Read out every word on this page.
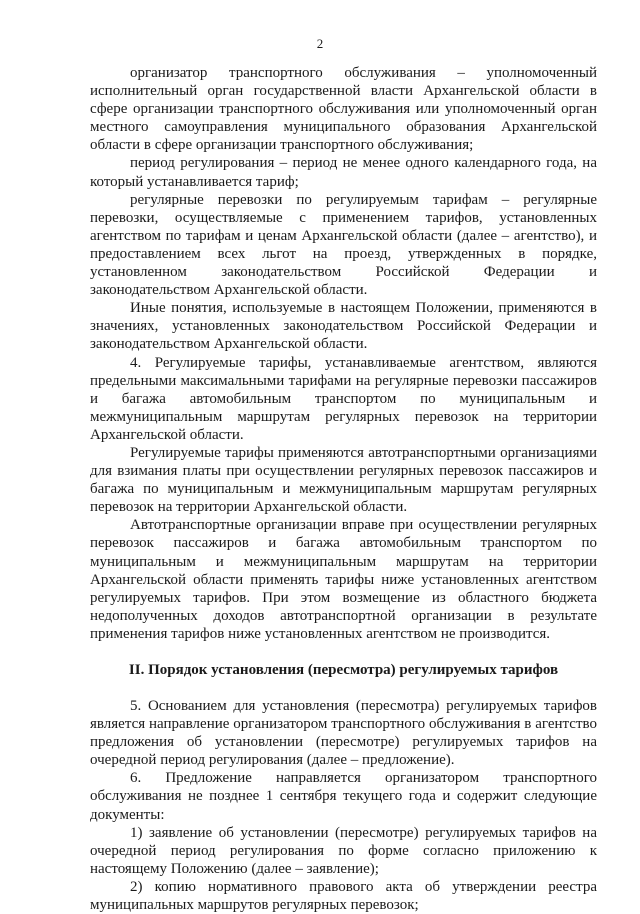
2

организатор транспортного обслуживания – уполномоченный исполнительный орган государственной власти Архангельской области в сфере организации транспортного обслуживания или уполномоченный орган местного самоуправления муниципального образования Архангельской области в сфере организации транспортного обслуживания;

период регулирования – период не менее одного календарного года, на который устанавливается тариф;

регулярные перевозки по регулируемым тарифам – регулярные перевозки, осуществляемые с применением тарифов, установленных агентством по тарифам и ценам Архангельской области (далее – агентство), и предоставлением всех льгот на проезд, утвержденных в порядке, установленном законодательством Российской Федерации и законодательством Архангельской области.

Иные понятия, используемые в настоящем Положении, применяются в значениях, установленных законодательством Российской Федерации и законодательством Архангельской области.

4. Регулируемые тарифы, устанавливаемые агентством, являются предельными максимальными тарифами на регулярные перевозки пассажиров и багажа автомобильным транспортом по муниципальным и межмуниципальным маршрутам регулярных перевозок на территории Архангельской области.

Регулируемые тарифы применяются автотранспортными организациями для взимания платы при осуществлении регулярных перевозок пассажиров и багажа по муниципальным и межмуниципальным маршрутам регулярных перевозок на территории Архангельской области.

Автотранспортные организации вправе при осуществлении регулярных перевозок пассажиров и багажа автомобильным транспортом по муниципальным и межмуниципальным маршрутам на территории Архангельской области применять тарифы ниже установленных агентством регулируемых тарифов. При этом возмещение из областного бюджета недополученных доходов автотранспортной организации в результате применения тарифов ниже установленных агентством не производится.

II. Порядок установления (пересмотра) регулируемых тарифов

5. Основанием для установления (пересмотра) регулируемых тарифов является направление организатором транспортного обслуживания в агентство предложения об установлении (пересмотре) регулируемых тарифов на очередной период регулирования (далее – предложение).

6. Предложение направляется организатором транспортного обслуживания не позднее 1 сентября текущего года и содержит следующие документы:

1) заявление об установлении (пересмотре) регулируемых тарифов на очередной период регулирования по форме согласно приложению к настоящему Положению (далее – заявление);

2) копию нормативного правового акта об утверждении реестра муниципальных маршрутов регулярных перевозок;
